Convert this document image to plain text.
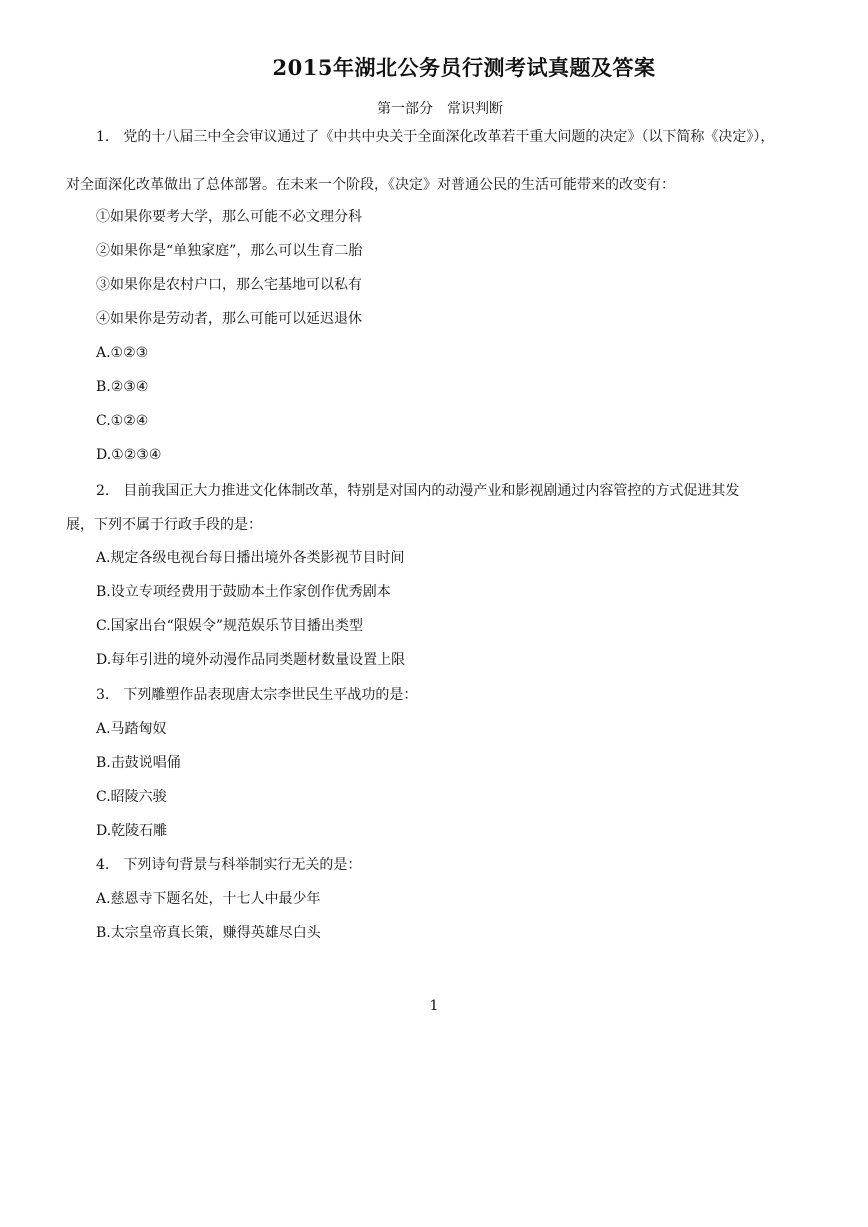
2015年湖北公务员行测考试真题及答案
第一部分　常识判断
1.　党的十八届三中全会审议通过了《中共中央关于全面深化改革若干重大问题的决定》（以下简称《决定》），
对全面深化改革做出了总体部署。在未来一个阶段，《决定》对普通公民的生活可能带来的改变有：
①如果你要考大学，那么可能不必文理分科
②如果你是“单独家庭”，那么可以生育二胎
③如果你是农村户口，那么宅基地可以私有
④如果你是劳动者，那么可能可以延迟退休
A.①②③
B.②③④
C.①②④
D.①②③④
2.　目前我国正大力推进文化体制改革，特别是对国内的动漫产业和影视剧通过内容管控的方式促进其发
展，下列不属于行政手段的是：
A.规定各级电视台每日播出境外各类影视节目时间
B.设立专项经费用于鼓励本土作家创作优秀剧本
C.国家出台“限娱令”规范娱乐节目播出类型
D.每年引进的境外动漫作品同类题材数量设置上限
3.　下列雕塑作品表现唐太宗李世民生平战功的是：
A.马踏匈奴
B.击鼓说唱俑
C.昭陵六骏
D.乾陵石雕
4.　下列诗句背景与科举制实行无关的是：
A.慈恩寺下题名处，十七人中最少年
B.太宗皇帝真长策，赚得英雄尽白头
1
